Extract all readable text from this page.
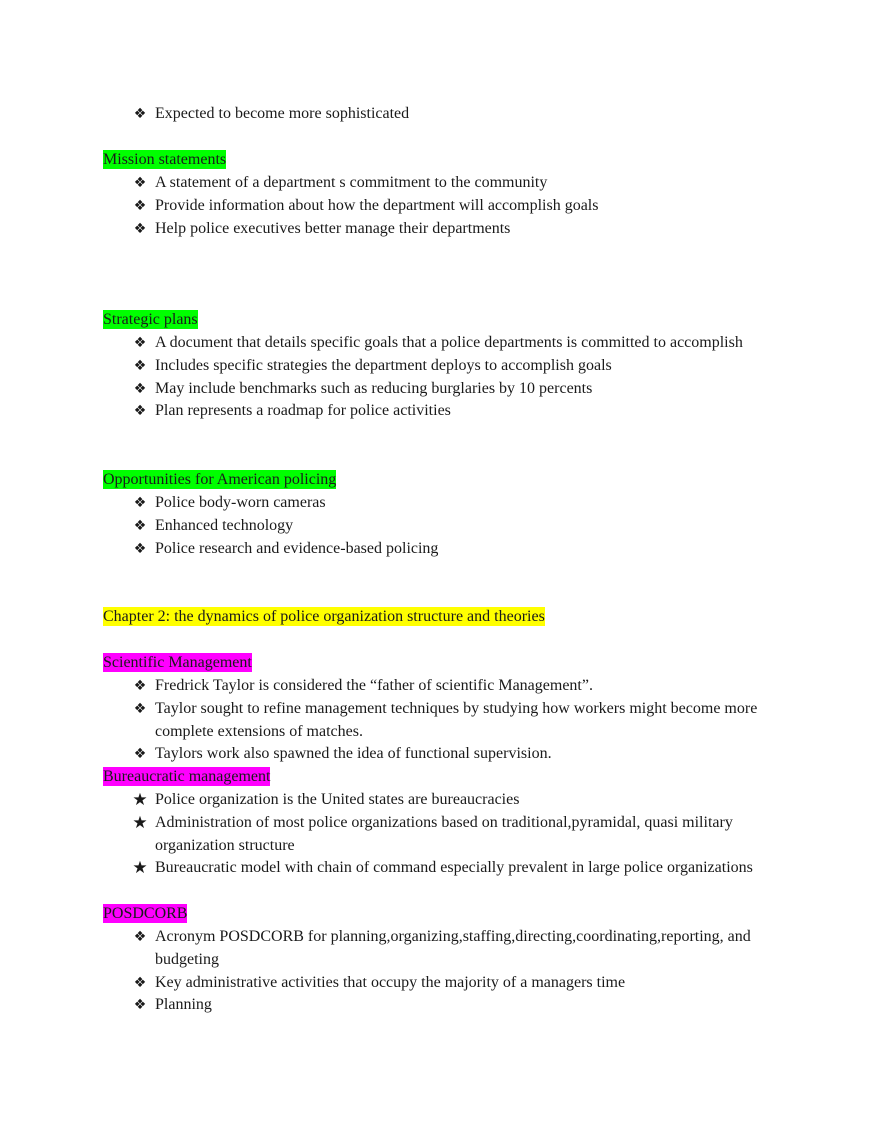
❖ Expected to become more sophisticated

Mission statements

❖ A statement of a department s commitment to the community
❖ Provide information about how the department will accomplish goals
❖ Help police executives better manage their departments

Strategic plans

❖ A document that details specific goals that a police departments is committed to accomplish
❖ Includes specific strategies the department deploys to accomplish goals
❖ May include benchmarks such as reducing burglaries by 10 percents
❖ Plan represents a roadmap for police activities

Opportunities for American policing

❖ Police body-worn cameras
❖ Enhanced technology
❖ Police research and evidence-based policing

Chapter 2: the dynamics of police organization structure and theories

Scientific Management

❖ Fredrick Taylor is considered the “father of scientific Management”.
❖ Taylor sought to refine management techniques by studying how workers might become more complete extensions of matches.
❖ Taylors work also spawned the idea of functional supervision.

Bureaucratic management

★ Police organization is the United states are bureaucracies
★ Administration of most police organizations based on traditional,pyramidal, quasi military organization structure
★ Bureaucratic model with chain of command especially prevalent in large police organizations

POSDCORB

❖ Acronym POSDCORB for planning,organizing,staffing,directing,coordinating,reporting, and budgeting
❖ Key administrative activities that occupy the majority of a managers time
❖ Planning
